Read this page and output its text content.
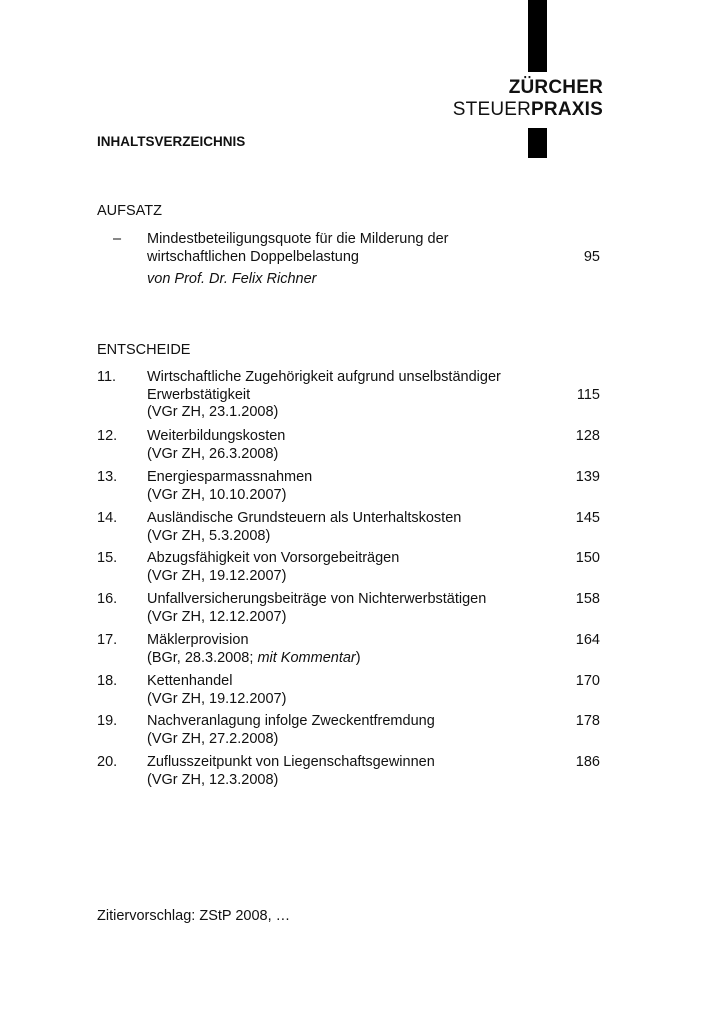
ZÜRCHER
STEUERPRAXIS
INHALTSVERZEICHNIS
AUFSATZ
– Mindestbeteiligungsquote für die Milderung der
wirtschaftlichen Doppelbelastung
von Prof. Dr. Felix Richner
95
ENTSCHEIDE
11. Wirtschaftliche Zugehörigkeit aufgrund unselbständiger
Erwerbstätigkeit
(VGr ZH, 23.1.2008)
115
12. Weiterbildungskosten
(VGr ZH, 26.3.2008)
128
13. Energiesparmassnahmen
(VGr ZH, 10.10.2007)
139
14. Ausländische Grundsteuern als Unterhaltskosten
(VGr ZH, 5.3.2008)
145
15. Abzugsfähigkeit von Vorsorgebeiträgen
(VGr ZH, 19.12.2007)
150
16. Unfallversicherungsbeiträge von Nichterwerbstätigen
(VGr ZH, 12.12.2007)
158
17. Mäklerprovision
(BGr, 28.3.2008; mit Kommentar)
164
18. Kettenhandel
(VGr ZH, 19.12.2007)
170
19. Nachveranlagung infolge Zweckentfremdung
(VGr ZH, 27.2.2008)
178
20. Zuflusszeitpunkt von Liegenschaftsgewinnen
(VGr ZH, 12.3.2008)
186
Zitiervorschlag: ZStP 2008, …
